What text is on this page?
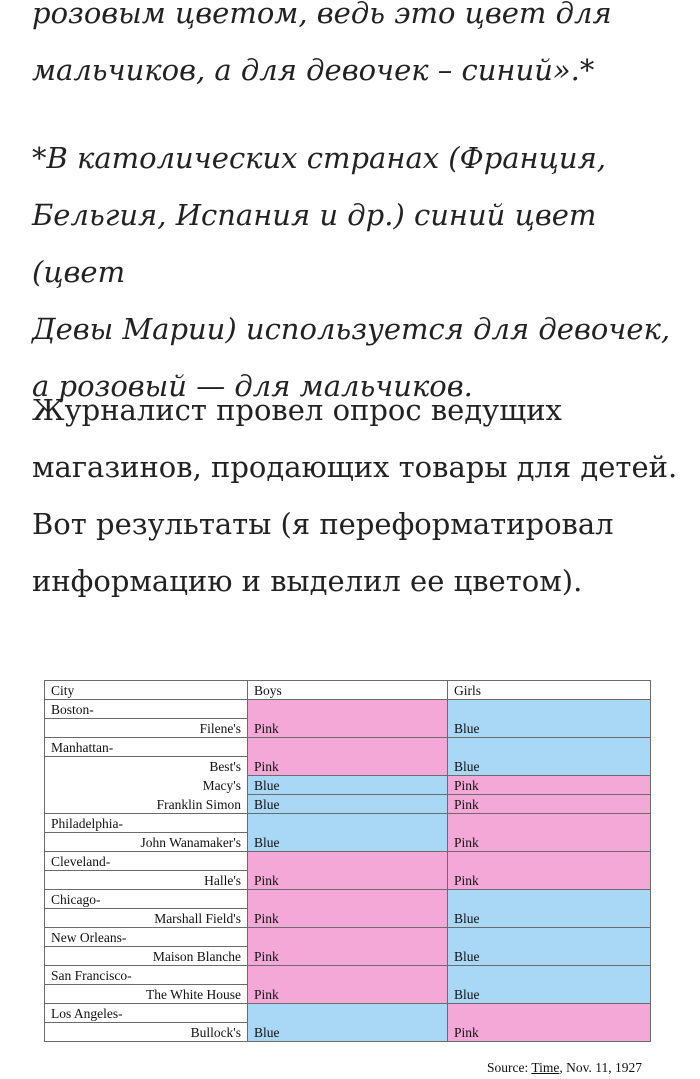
розовым цветом, ведь это цвет для
мальчиков, а для девочек – синий».*

*В католических странах (Франция,
Бельгия, Испания и др.) синий цвет (цвет
Девы Марии) используется для девочек,
а розовый — для мальчиков.

Журналист провел опрос ведущих
магазинов, продающих товары для детей.
Вот результаты (я переформатировал
информацию и выделил ее цветом).

City	Boys	Girls
Boston-		
Filene's	Pink	Blue
Manhattan-		
Best's	Pink	Blue
Macy's	Blue	Pink
Franklin Simon	Blue	Pink
Philadelphia-		
John Wanamaker's	Blue	Pink
Cleveland-		
Halle's	Pink	Pink
Chicago-		
Marshall Field's	Pink	Blue
New Orleans-		
Maison Blanche	Pink	Blue
San Francisco-		
The White House	Pink	Blue
Los Angeles-		
Bullock's	Blue	Pink
Source: Time, Nov. 11, 1927
